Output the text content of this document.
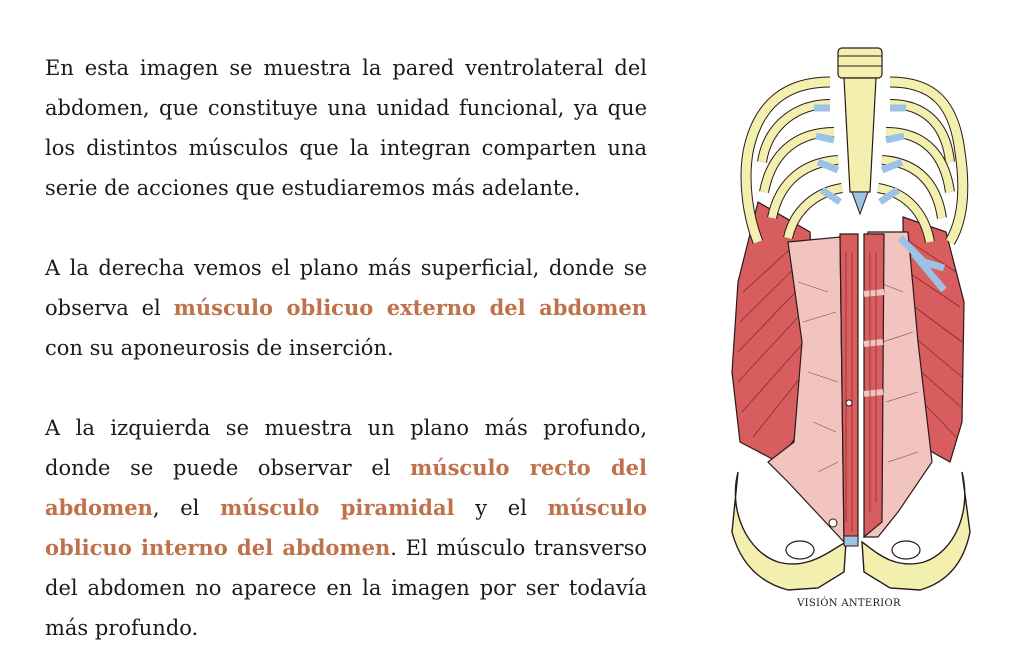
En esta imagen se muestra la pared ventrolateral del abdomen, que constituye una unidad funcional, ya que los distintos músculos que la integran comparten una serie de acciones que estudiaremos más adelante.

A la derecha vemos el plano más superficial, donde se observa el músculo oblicuo externo del abdomen con su aponeurosis de inserción.

A la izquierda se muestra un plano más profundo, donde se puede observar el músculo recto del abdomen, el músculo piramidal y el músculo oblicuo interno del abdomen. El músculo transverso del abdomen no aparece en la imagen por ser todavía más profundo.

VISIÓN ANTERIOR
